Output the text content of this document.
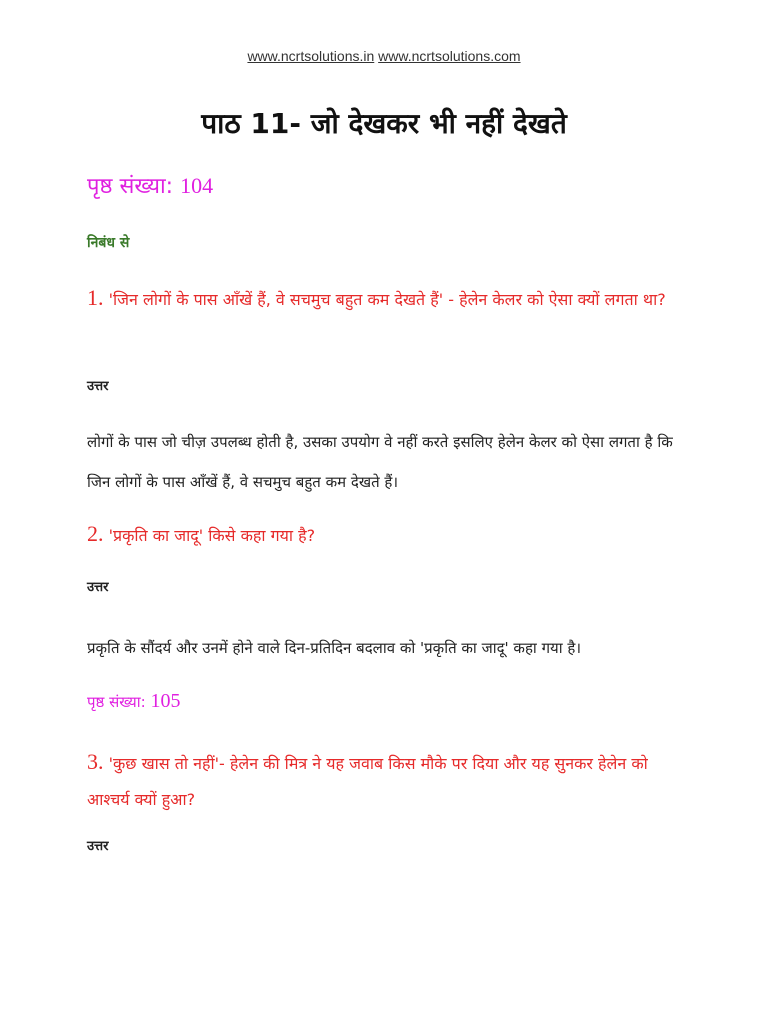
www.ncrtsolutions.in www.ncrtsolutions.com
पाठ 11- जो देखकर भी नहीं देखते

पृष्ठ संख्या: 104

निबंध से

1. 'जिन लोगों के पास आँखें हैं, वे सचमुच बहुत कम देखते हैं' - हेलेन केलर को ऐसा क्यों लगता था?

उत्तर

लोगों के पास जो चीज़ उपलब्ध होती है, उसका उपयोग वे नहीं करते इसलिए हेलेन केलर को ऐसा लगता है कि जिन लोगों के पास आँखें हैं, वे सचमुच बहुत कम देखते हैं।

2. 'प्रकृति का जादू' किसे कहा गया है?

उत्तर

प्रकृति के सौंदर्य और उनमें होने वाले दिन-प्रतिदिन बदलाव को 'प्रकृति का जादू' कहा गया है।

पृष्ठ संख्या: 105

3. 'कुछ खास तो नहीं'- हेलेन की मित्र ने यह जवाब किस मौके पर दिया और यह सुनकर हेलेन को आश्चर्य क्यों हुआ?

उत्तर
